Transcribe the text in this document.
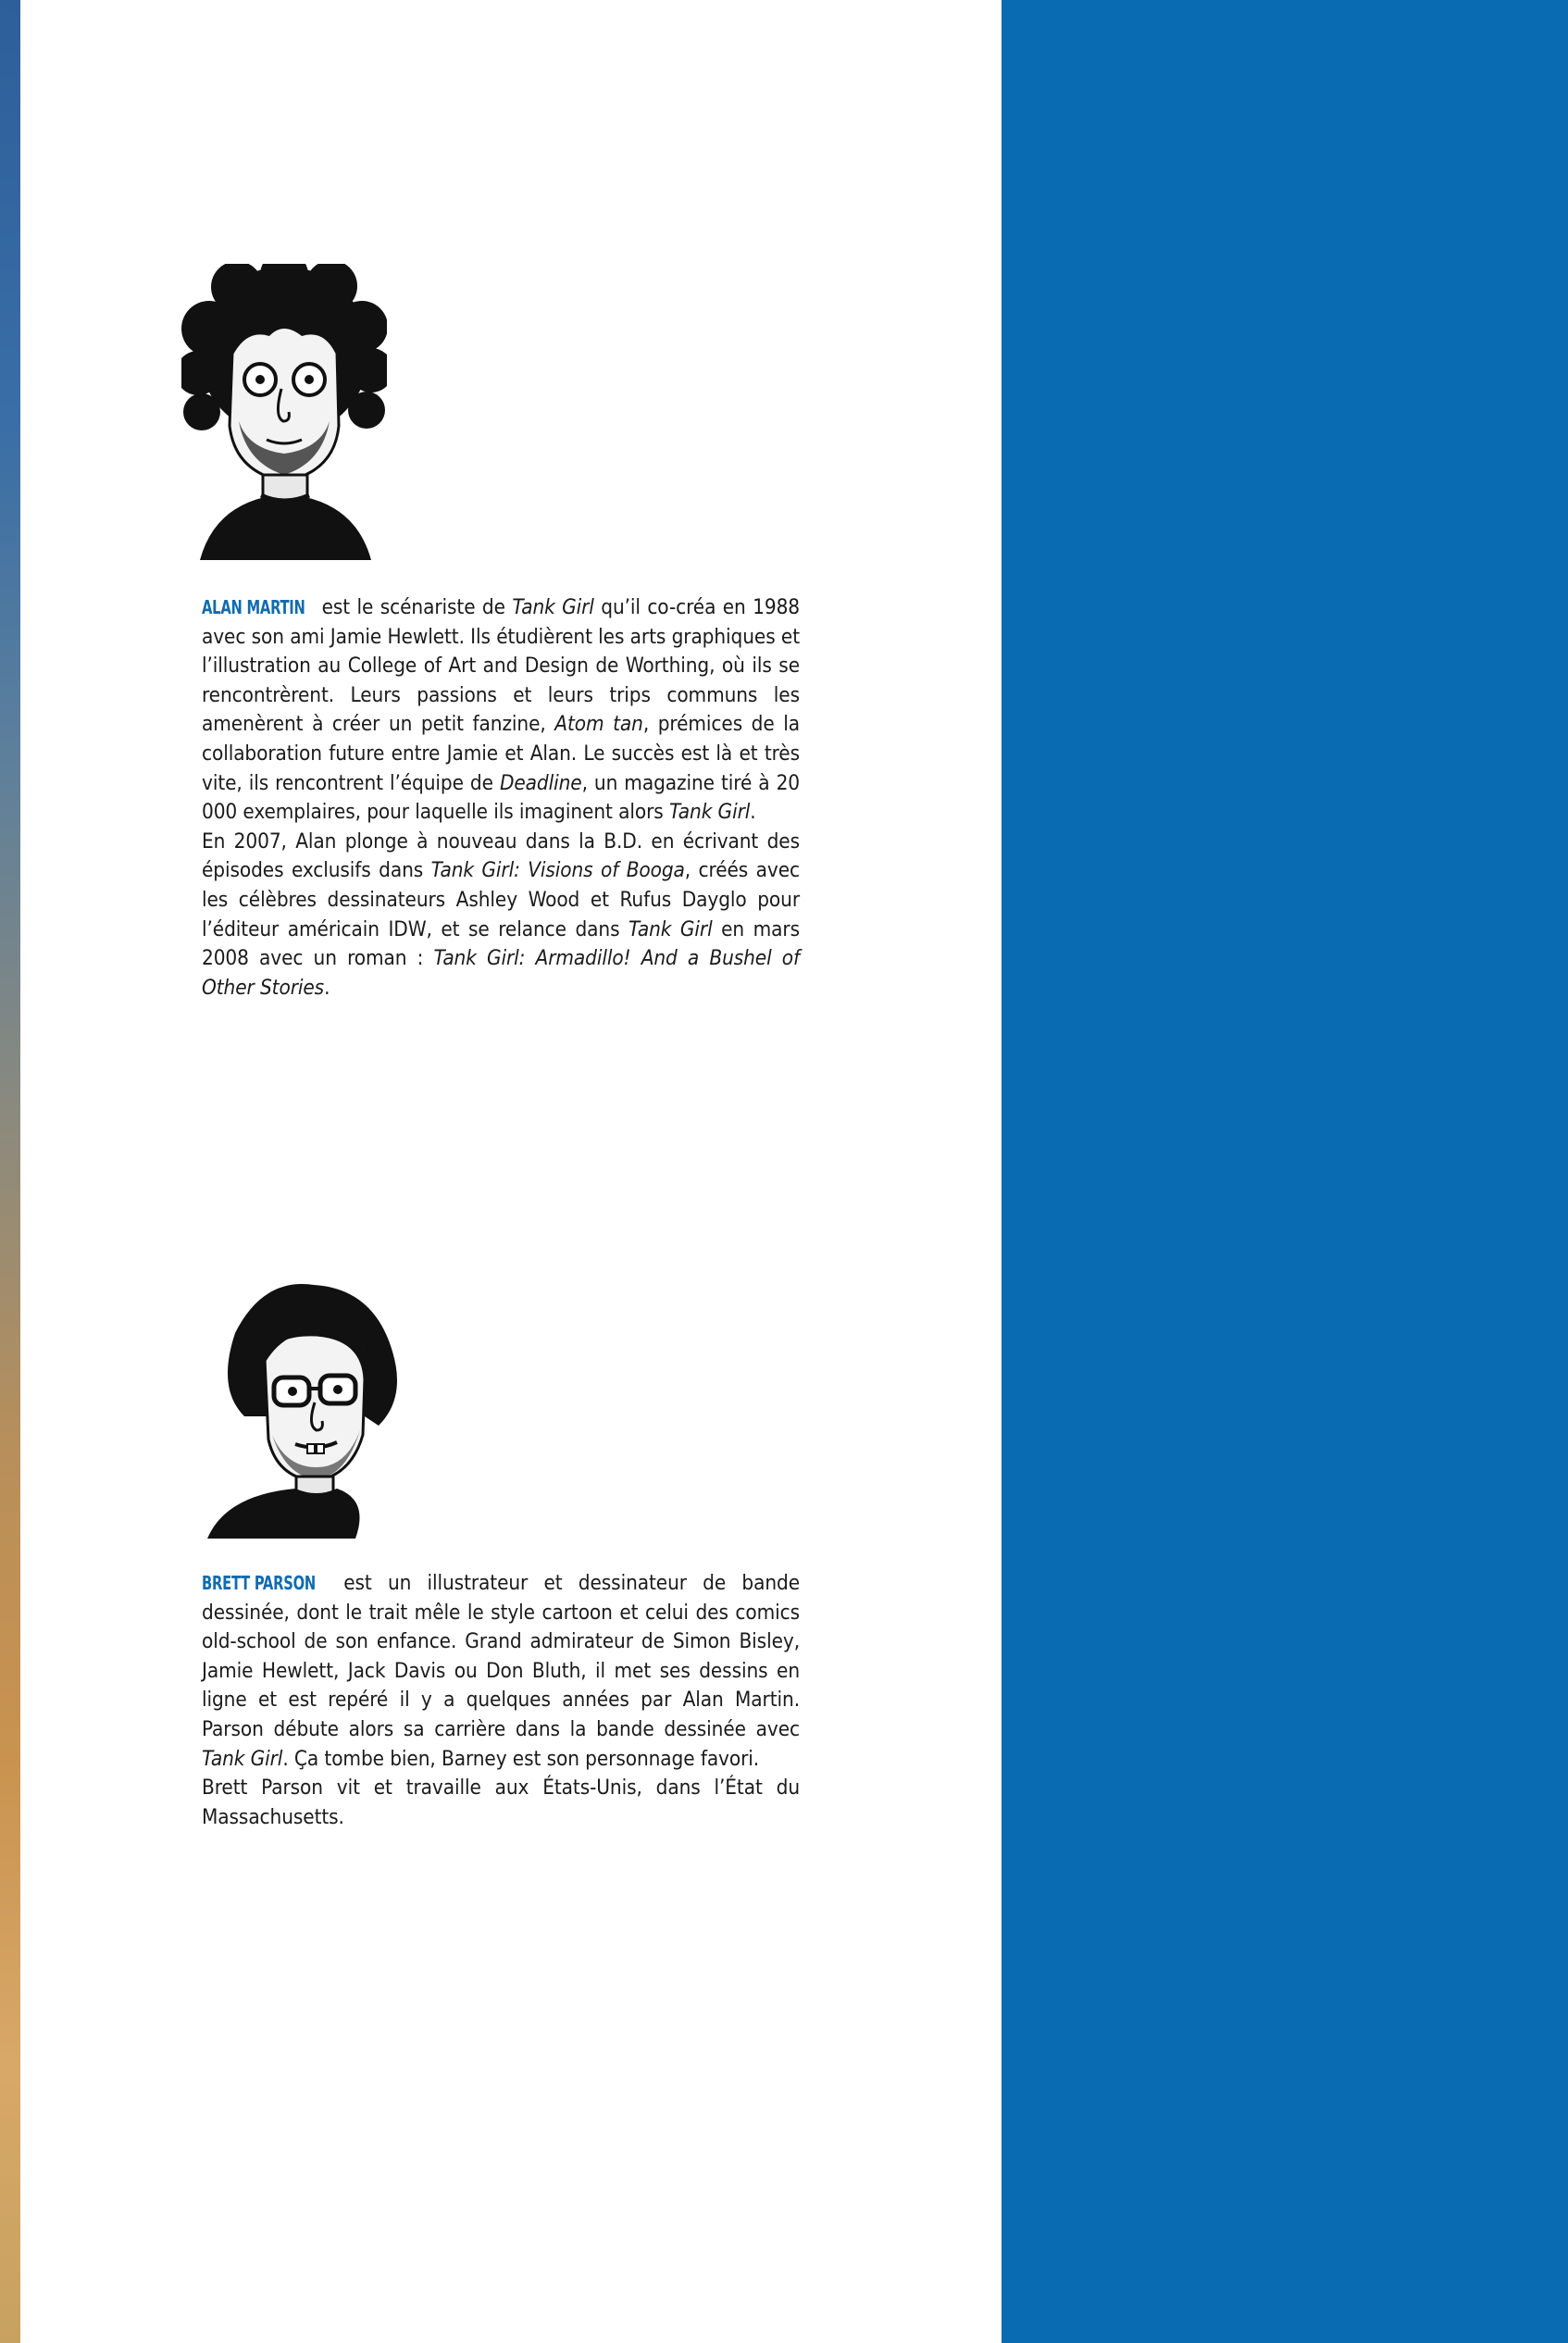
ALAN MARTIN est le scénariste de Tank Girl qu’il co-créa en 1988 avec son ami Jamie Hewlett. Ils étudièrent les arts graphiques et l’illustration au College of Art and Design de Worthing, où ils se rencontrèrent. Leurs passions et leurs trips communs les amenèrent à créer un petit fanzine, Atom tan, prémices de la collaboration future entre Jamie et Alan. Le succès est là et très vite, ils rencontrent l’équipe de Deadline, un magazine tiré à 20 000 exemplaires, pour laquelle ils imaginent alors Tank Girl.

En 2007, Alan plonge à nouveau dans la B.D. en écrivant des épisodes exclusifs dans Tank Girl: Visions of Booga, créés avec les célèbres dessinateurs Ashley Wood et Rufus Dayglo pour l’éditeur américain IDW, et se relance dans Tank Girl en mars 2008 avec un roman : Tank Girl: Armadillo! And a Bushel of Other Stories.

BRETT PARSON est un illustrateur et dessinateur de bande dessinée, dont le trait mêle le style cartoon et celui des comics old-school de son enfance. Grand admirateur de Simon Bisley, Jamie Hewlett, Jack Davis ou Don Bluth, il met ses dessins en ligne et est repéré il y a quelques années par Alan Martin. Parson débute alors sa carrière dans la bande dessinée avec Tank Girl. Ça tombe bien, Barney est son personnage favori.

Brett Parson vit et travaille aux États-Unis, dans l’État du Massachusetts.
